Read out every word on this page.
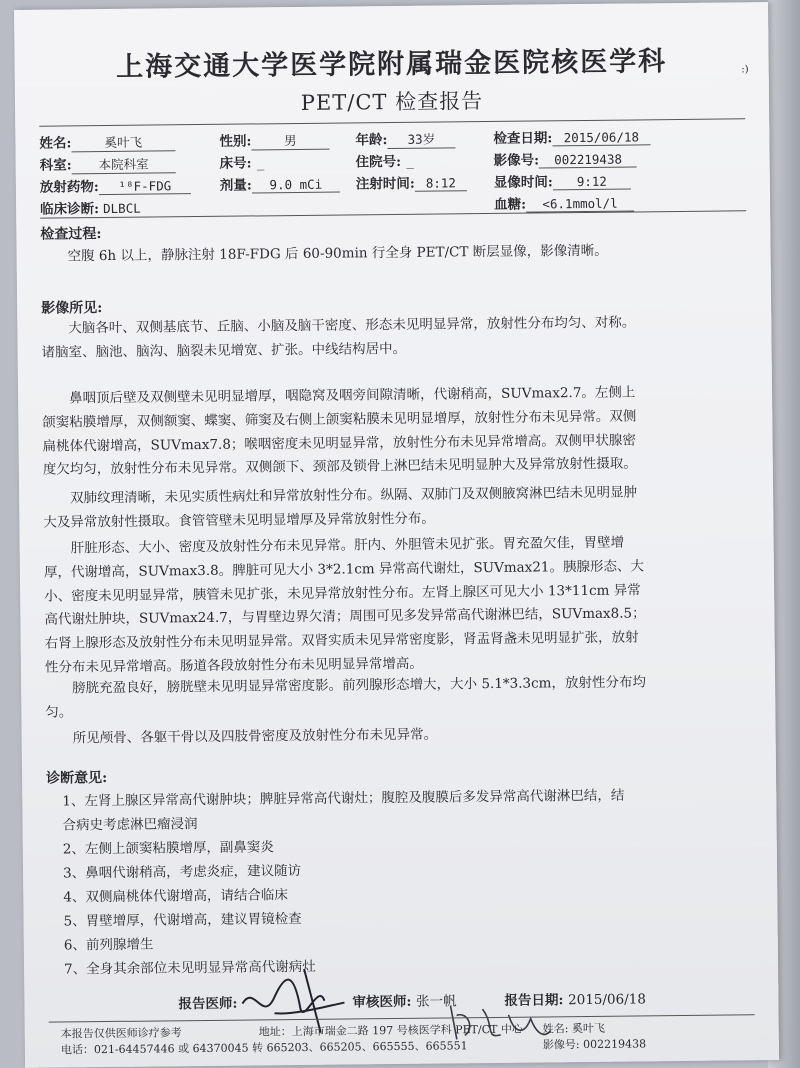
上海交通大学医学院附属瑞金医院核医学科
PET/CT 检查报告
:)
姓名:	奚叶飞	性别:	男	年龄: 33岁	检查日期: 2015/06/18
科室: 本院科室	床号: _	住院号: _	影像号: 002219438
放射药物: ¹⁸F-FDG	剂量: 9.0 mCi	注射时间: 8:12	显像时间: 9:12
临床诊断: DLBCL	血糖: <6.1mmol/l
检查过程:

空腹 6h 以上，静脉注射 18F-FDG 后 60-90min 行全身 PET/CT 断层显像，影像清晰。

影像所见:

大脑各叶、双侧基底节、丘脑、小脑及脑干密度、形态未见明显异常，放射性分布均匀、对称。诸脑室、脑池、脑沟、脑裂未见增宽、扩张。中线结构居中。

鼻咽顶后壁及双侧壁未见明显增厚，咽隐窝及咽旁间隙清晰，代谢稍高，SUVmax2.7。左侧上颌窦粘膜增厚，双侧额窦、蝶窦、筛窦及右侧上颌窦粘膜未见明显增厚，放射性分布未见异常。双侧扁桃体代谢增高，SUVmax7.8；喉咽密度未见明显异常，放射性分布未见异常增高。双侧甲状腺密度欠均匀，放射性分布未见异常。双侧颌下、颈部及锁骨上淋巴结未见明显肿大及异常放射性摄取。

双肺纹理清晰，未见实质性病灶和异常放射性分布。纵隔、双肺门及双侧腋窝淋巴结未见明显肿大及异常放射性摄取。食管管壁未见明显增厚及异常放射性分布。

肝脏形态、大小、密度及放射性分布未见异常。肝内、外胆管未见扩张。胃充盈欠佳，胃壁增厚，代谢增高，SUVmax3.8。脾脏可见大小 3*2.1cm 异常高代谢灶，SUVmax21。胰腺形态、大小、密度未见明显异常，胰管未见扩张，未见异常放射性分布。左肾上腺区可见大小 13*11cm 异常高代谢灶肿块，SUVmax24.7，与胃壁边界欠清；周围可见多发异常高代谢淋巴结，SUVmax8.5；右肾上腺形态及放射性分布未见明显异常。双肾实质未见异常密度影，肾盂肾盏未见明显扩张，放射性分布未见异常增高。肠道各段放射性分布未见明显异常增高。

膀胱充盈良好，膀胱壁未见明显异常密度影。前列腺形态增大，大小 5.1*3.3cm，放射性分布均匀。

所见颅骨、各躯干骨以及四肢骨密度及放射性分布未见异常。

诊断意见:
1、左肾上腺区异常高代谢肿块；脾脏异常高代谢灶；腹腔及腹膜后多发异常高代谢淋巴结，结
合病史考虑淋巴瘤浸润
2、左侧上颌窦粘膜增厚，副鼻窦炎
3、鼻咽代谢稍高，考虑炎症，建议随访
4、双侧扁桃体代谢增高，请结合临床
5、胃壁增厚，代谢增高，建议胃镜检查
6、前列腺增生
7、全身其余部位未见明显异常高代谢病灶
报告医师:	审核医师: 张一帆	报告日期: 2015/06/18
本报告仅供医师诊疗参考	地址：上海市瑞金二路 197 号核医学科 PET/CT 中心
电话：021-64457446 或 64370045 转 665203、665205、665555、665551
姓名: 奚叶飞
影像号: 002219438
